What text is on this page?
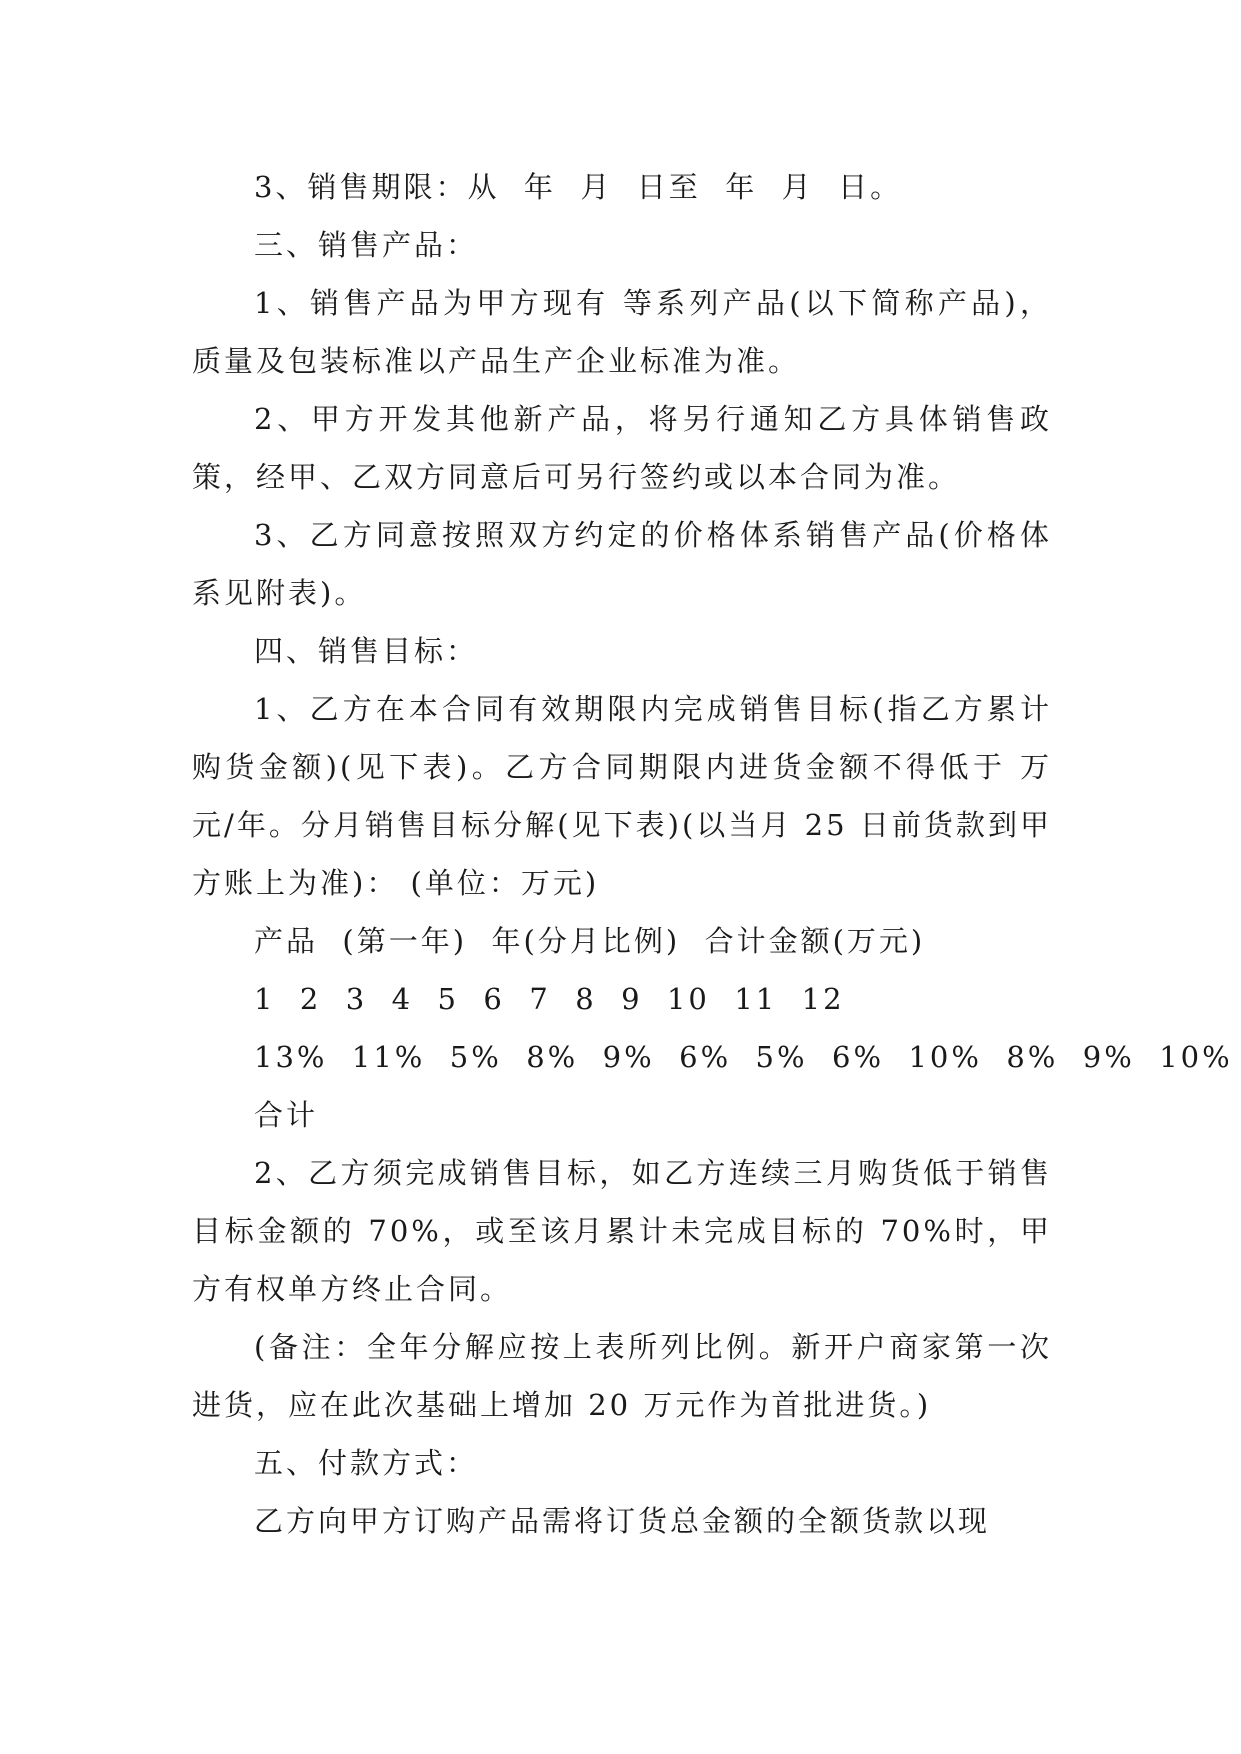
3、销售期限：从  年  月  日至  年  月  日。

三、销售产品：

1、销售产品为甲方现有 等系列产品(以下简称产品)，质量及包装标准以产品生产企业标准为准。

2、甲方开发其他新产品，将另行通知乙方具体销售政策，经甲、乙双方同意后可另行签约或以本合同为准。

3、乙方同意按照双方约定的价格体系销售产品(价格体系见附表)。

四、销售目标：

1、乙方在本合同有效期限内完成销售目标(指乙方累计购货金额)(见下表)。乙方合同期限内进货金额不得低于 万元/年。分月销售目标分解(见下表)(以当月 25 日前货款到甲方账上为准)： (单位：万元)

产品  (第一年)  年(分月比例)  合计金额(万元)

1  2  3  4  5  6  7  8  9  10  11  12

13%  11%  5%  8%  9%  6%  5%  6%  10%  8%  9%  10%

合计

2、乙方须完成销售目标，如乙方连续三月购货低于销售目标金额的 70%，或至该月累计未完成目标的 70%时，甲方有权单方终止合同。

(备注：全年分解应按上表所列比例。新开户商家第一次进货，应在此次基础上增加 20 万元作为首批进货。)

五、付款方式：

乙方向甲方订购产品需将订货总金额的全额货款以现
